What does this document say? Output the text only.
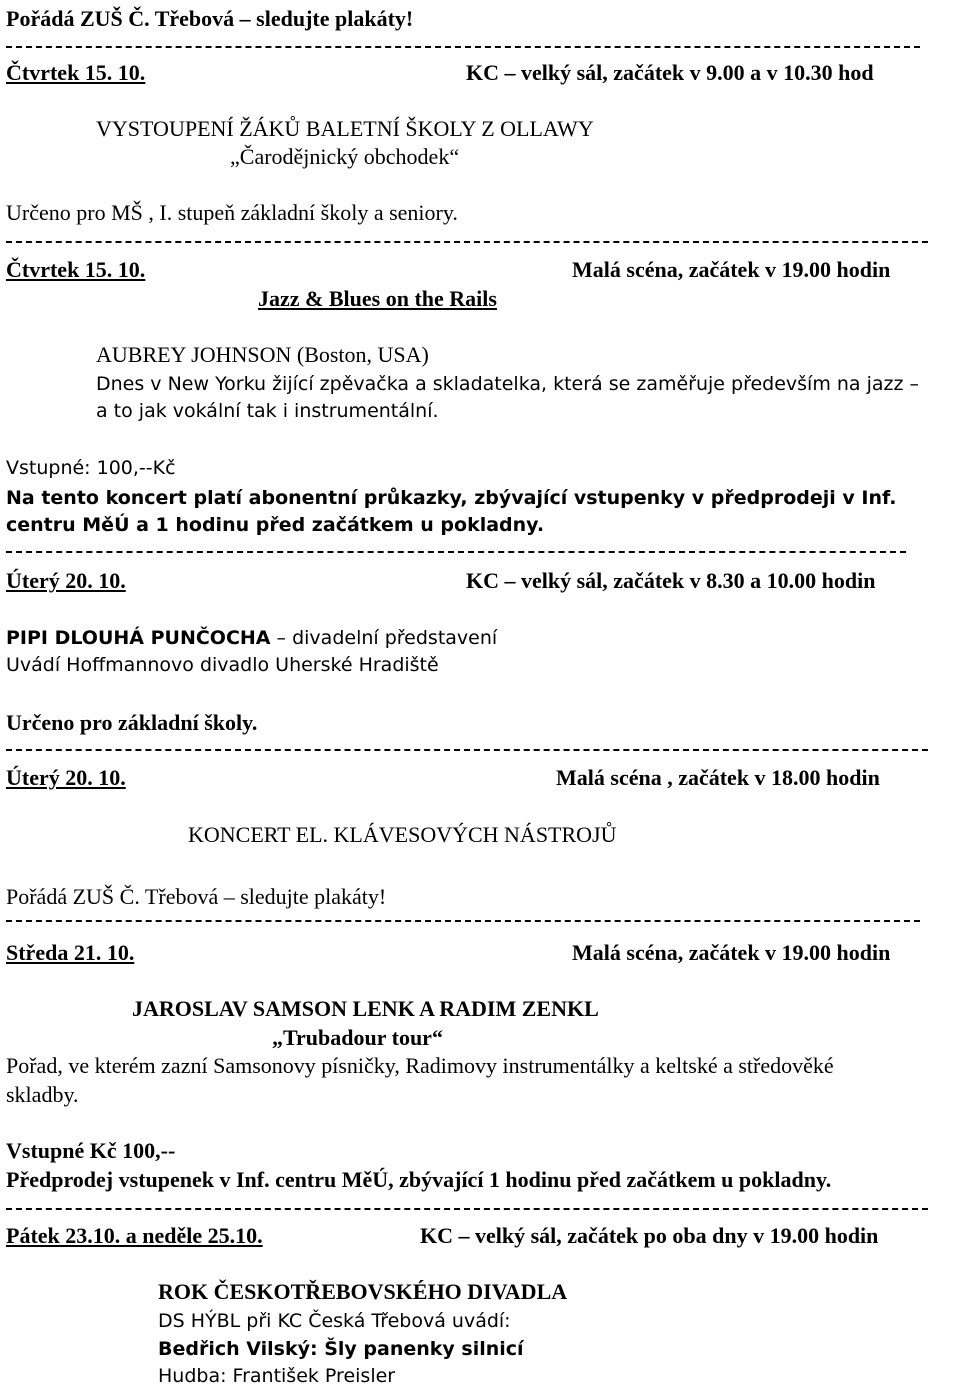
Pořádá ZUŠ Č. Třebová – sledujte plakáty!
Čtvrtek 15. 10.	KC – velký sál, začátek v 9.00 a v 10.30 hod
VYSTOUPENÍ ŽÁKŮ BALETNÍ ŠKOLY Z OLLAWY
„Čarodějnický obchodek“
Určeno pro MŠ , I. stupeň základní školy a seniory.
Čtvrtek 15. 10.	Malá scéna, začátek v 19.00 hodin
Jazz & Blues on the Rails
AUBREY JOHNSON (Boston, USA)
Dnes v New Yorku žijící zpěvačka a skladatelka, která se zaměřuje především na jazz –
a to jak vokální tak i instrumentální.
Vstupné: 100,--Kč
Na tento koncert platí abonentní průkazky, zbývající vstupenky v předprodeji v Inf.
centru MěÚ a 1 hodinu před začátkem u pokladny.
Úterý 20. 10.	KC – velký sál, začátek v 8.30 a 10.00 hodin
PIPI DLOUHÁ PUNČOCHA – divadelní představení
Uvádí Hoffmannovo divadlo Uherské Hradiště
Určeno pro základní školy.
Úterý 20. 10.	Malá scéna , začátek v 18.00 hodin
KONCERT EL. KLÁVESOVÝCH NÁSTROJŮ
Pořádá ZUŠ Č. Třebová – sledujte plakáty!
Středa 21. 10.	Malá scéna, začátek v 19.00 hodin
JAROSLAV SAMSON LENK A RADIM ZENKL
„Trubadour tour“
Pořad, ve kterém zazní Samsonovy písničky, Radimovy instrumentálky a keltské a středověké
skladby.
Vstupné Kč 100,--
Předprodej vstupenek v Inf. centru MěÚ, zbývající 1 hodinu před začátkem u pokladny.
Pátek 23.10. a neděle 25.10.	KC – velký sál, začátek po oba dny v 19.00 hodin
ROK ČESKOTŘEBOVSKÉHO DIVADLA
DS HÝBL při KC Česká Třebová uvádí:
Bedřich Vilský: Šly panenky silnicí
Hudba: František Preisler
